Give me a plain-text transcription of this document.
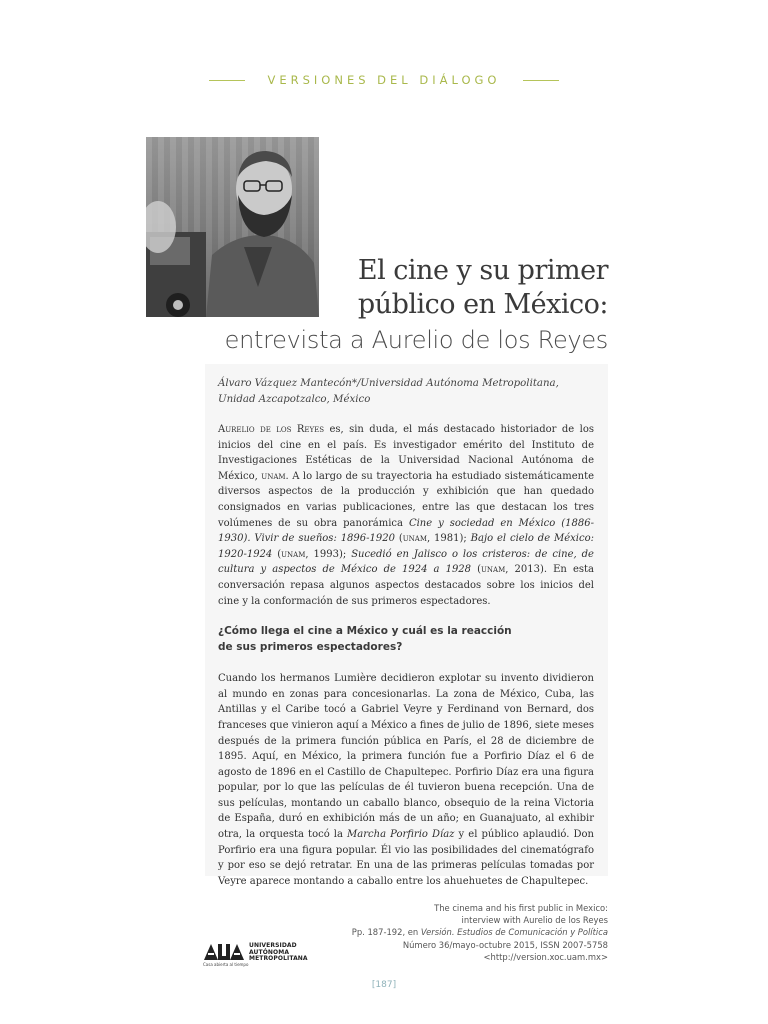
VERSIONES DEL DIÁLOGO
El cine y su primer
público en México:
entrevista a Aurelio de los Reyes
Álvaro Vázquez Mantecón*/Universidad Autónoma Metropolitana, Unidad Azcapotzalco, México
Aurelio de los Reyes es, sin duda, el más destacado historiador de los inicios del cine en el país. Es investigador emérito del Instituto de Investigaciones Estéticas de la Universidad Nacional Autónoma de México, unam. A lo largo de su trayectoria ha estudiado sistemáticamente diversos aspectos de la producción y exhibición que han quedado consignados en varias publicaciones, entre las que destacan los tres volúmenes de su obra panorámica Cine y sociedad en México (1886-1930). Vivir de sueños: 1896-1920 (unam, 1981); Bajo el cielo de México: 1920-1924 (unam, 1993); Sucedió en Jalisco o los cristeros: de cine, de cultura y aspectos de México de 1924 a 1928 (unam, 2013). En esta conversación repasa algunos aspectos destacados sobre los inicios del cine y la conformación de sus primeros espectadores.
¿Cómo llega el cine a México y cuál es la reacción
de sus primeros espectadores?
Cuando los hermanos Lumière decidieron explotar su invento dividieron al mundo en zonas para concesionarlas. La zona de México, Cuba, las Antillas y el Caribe tocó a Gabriel Veyre y Ferdinand von Bernard, dos franceses que vinieron aquí a México a fines de julio de 1896, siete meses después de la primera función pública en París, el 28 de diciembre de 1895. Aquí, en México, la primera función fue a Porfirio Díaz el 6 de agosto de 1896 en el Castillo de Chapultepec. Porfirio Díaz era una figura popular, por lo que las películas de él tuvieron buena recepción. Una de sus películas, montando un caballo blanco, obsequio de la reina Victoria de España, duró en exhibición más de un año; en Guanajuato, al exhibir otra, la orquesta tocó la Marcha Porfirio Díaz y el público aplaudió. Don Porfirio era una figura popular. Él vio las posibilidades del cinematógrafo y por eso se dejó retratar. En una de las primeras películas tomadas por Veyre aparece montando a caballo entre los ahuehuetes de Chapultepec.
The cinema and his first public in Mexico:
interview with Aurelio de los Reyes
Pp. 187-192, en Versión. Estudios de Comunicación y Política
Número 36/mayo-octubre 2015, ISSN 2007-5758
<http://version.xoc.uam.mx>
Casa abierta al tiempo
UNIVERSIDAD
AUTÓNOMA
METROPOLITANA
[187]
